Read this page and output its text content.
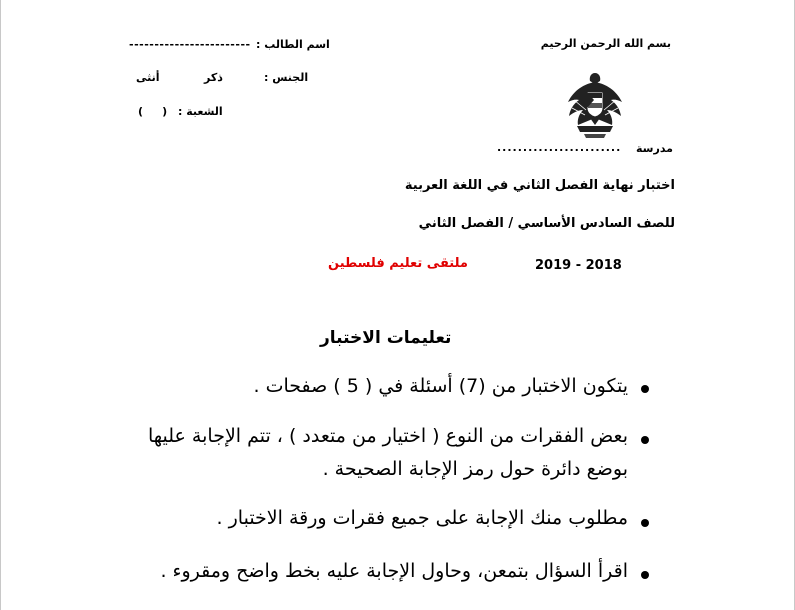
بسم الله الرحمن الرحيم
اسم الطالب :
------------------------
الجنس :
ذكر
أنثى
الشعبة :
(     )
مدرسة
........................
اختبار نهاية الفصل الثاني في اللغة العربية
للصف السادس الأساسي / الفصل الثاني
2019 - 2018
ملتقى تعليم فلسطين
تعليمات الاختبار
يتكون الاختبار من (7) أسئلة في ( 5 ) صفحات .
بعض الفقرات من النوع ( اختيار من متعدد ) ، تتم الإجابة عليها
بوضع دائرة حول رمز الإجابة الصحيحة .
مطلوب منك الإجابة على جميع فقرات ورقة الاختبار .
اقرأ السؤال بتمعن، وحاول الإجابة عليه بخط واضح ومقروء .
